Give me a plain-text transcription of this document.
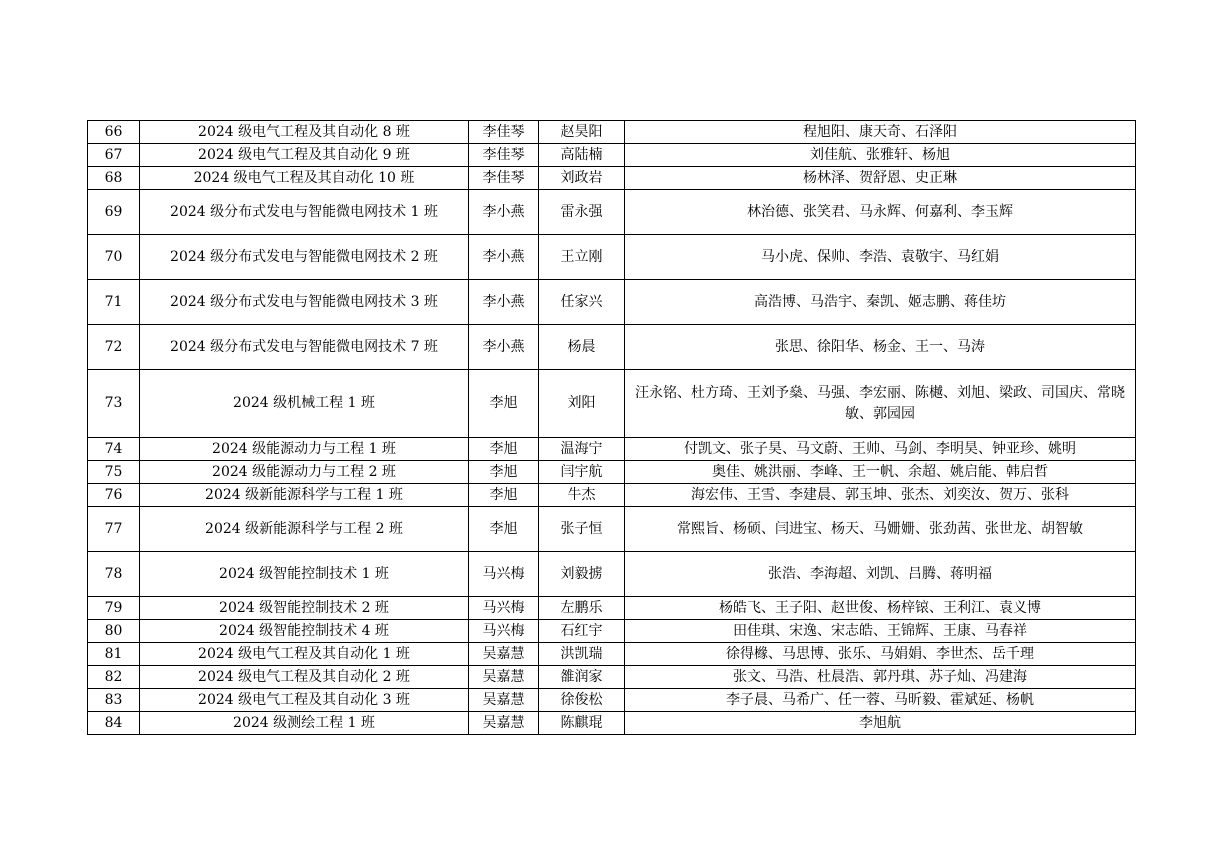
66	2024 级电气工程及其自动化 8 班	李佳琴	赵昊阳	程旭阳、康天奇、石泽阳
67	2024 级电气工程及其自动化 9 班	李佳琴	高陆楠	刘佳航、张雅轩、杨旭
68	2024 级电气工程及其自动化 10 班	李佳琴	刘政岩	杨林泽、贺舒恩、史正琳
69	2024 级分布式发电与智能微电网技术 1 班	李小燕	雷永强	林治德、张笑君、马永辉、何嘉利、李玉辉
70	2024 级分布式发电与智能微电网技术 2 班	李小燕	王立刚	马小虎、保帅、李浩、袁敬宇、马红娟
71	2024 级分布式发电与智能微电网技术 3 班	李小燕	任家兴	高浩博、马浩宇、秦凯、姬志鹏、蒋佳坊
72	2024 级分布式发电与智能微电网技术 7 班	李小燕	杨晨	张思、徐阳华、杨金、王一、马涛
73	2024 级机械工程 1 班	李旭	刘阳	汪永铭、杜方琦、王刘予燊、马强、李宏丽、陈樾、刘旭、梁政、司国庆、常晓敏、郭园园
74	2024 级能源动力与工程 1 班	李旭	温海宁	付凯文、张子昊、马文蔚、王帅、马剑、李明昊、钟亚珍、姚明
75	2024 级能源动力与工程 2 班	李旭	闫宇航	奥佳、姚洪丽、李峰、王一帆、余超、姚启能、韩启哲
76	2024 级新能源科学与工程 1 班	李旭	牛杰	海宏伟、王雪、李建晨、郭玉坤、张杰、刘奕汝、贺万、张科
77	2024 级新能源科学与工程 2 班	李旭	张子恒	常熙旨、杨硕、闫进宝、杨天、马姗姗、张劲茜、张世龙、胡智敏
78	2024 级智能控制技术 1 班	马兴梅	刘毅掳	张浩、李海超、刘凯、吕腾、蒋明福
79	2024 级智能控制技术 2 班	马兴梅	左鹏乐	杨皓飞、王子阳、赵世俊、杨梓锿、王利江、袁义博
80	2024 级智能控制技术 4 班	马兴梅	石红宇	田佳琪、宋逸、宋志皓、王锦辉、王康、马春祥
81	2024 级电气工程及其自动化 1 班	吴嘉慧	洪凯瑞	徐得橼、马思博、张乐、马娟娟、李世杰、岳千理
82	2024 级电气工程及其自动化 2 班	吴嘉慧	雒润家	张文、马浩、杜晨浩、郭丹琪、苏子灿、冯建海
83	2024 级电气工程及其自动化 3 班	吴嘉慧	徐俊松	李子晨、马希广、任一蓉、马昕毅、霍斌延、杨帆
84	2024 级测绘工程 1 班	吴嘉慧	陈麒琨	李旭航
